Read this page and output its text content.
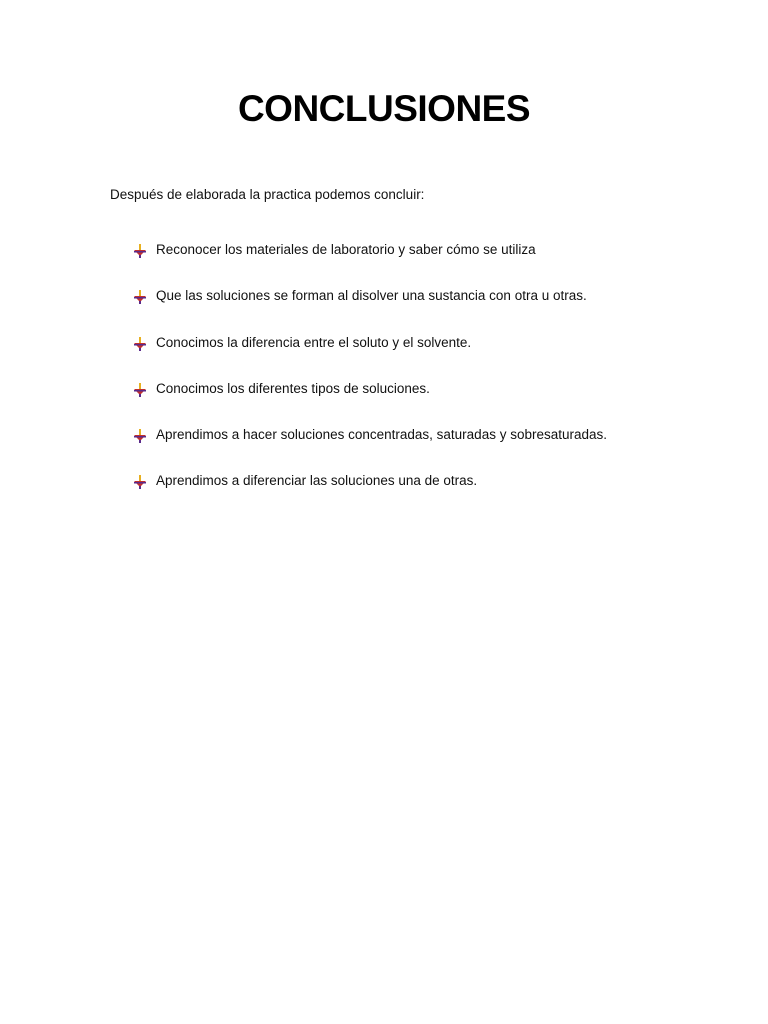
CONCLUSIONES

Después de elaborada la practica podemos concluir:

Reconocer los materiales de laboratorio y saber cómo se utiliza
Que las soluciones se forman al disolver una sustancia con otra u otras.
Conocimos la diferencia entre el soluto y el solvente.
Conocimos los diferentes tipos de soluciones.
Aprendimos a hacer soluciones concentradas, saturadas y sobresaturadas.
Aprendimos a diferenciar las soluciones una de otras.
